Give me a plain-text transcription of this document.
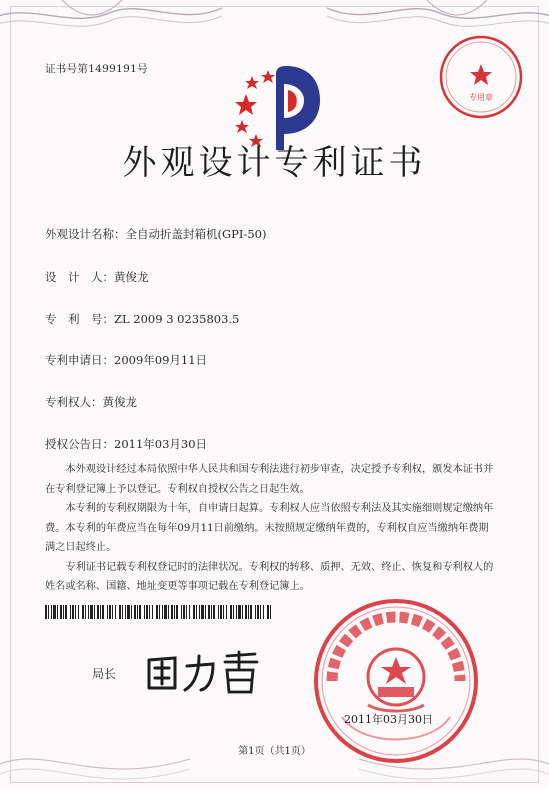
证书号第1499191号
专用章
外观设计专利证书
外观设计名称：全自动折盖封箱机(GPI-50)
设　计　人：黄俊龙
专　利　号：ZL 2009 3 0235803.5
专利申请日：2009年09月11日
专利权人：黄俊龙
授权公告日：2011年03月30日

本外观设计经过本局依照中华人民共和国专利法进行初步审查，决定授予专利权，颁发本证书并在专利登记簿上予以登记。专利权自授权公告之日起生效。

本专利的专利权期限为十年，自申请日起算。专利权人应当依照专利法及其实施细则规定缴纳年费。本专利的年费应当在每年09月11日前缴纳。未按照规定缴纳年费的，专利权自应当缴纳年费期满之日起终止。

专利证书记载专利权登记时的法律状况。专利权的转移、质押、无效、终止、恢复和专利权人的姓名或名称、国籍、地址变更等事项记载在专利登记簿上。

局长
2011年03月30日
第1页（共1页）
